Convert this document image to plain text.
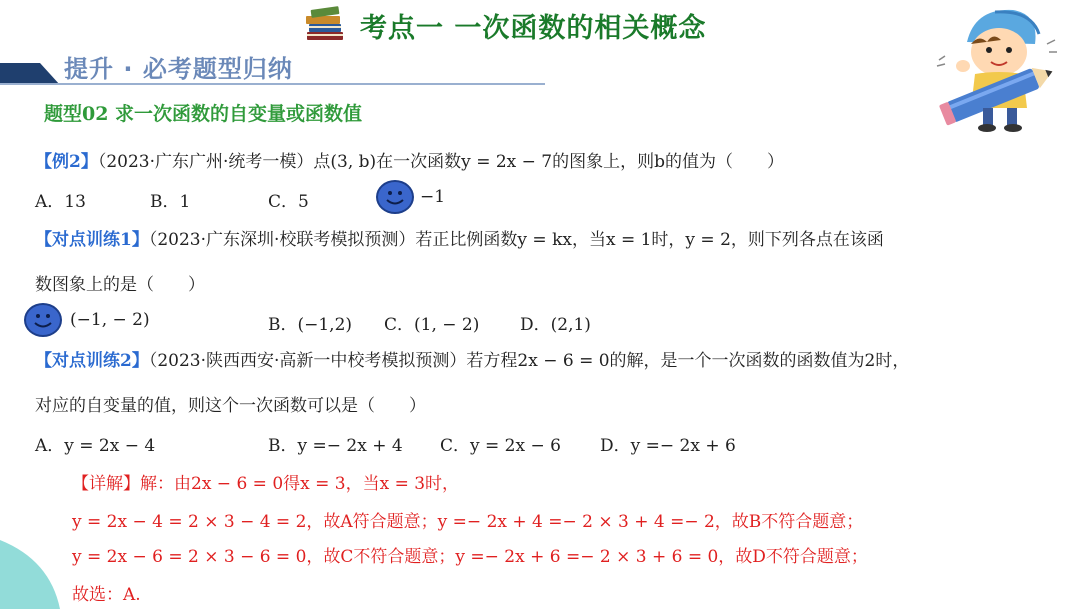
考点一 一次函数的相关概念
提升 · 必考题型归纳
题型02 求一次函数的自变量或函数值
【例2】（2023·广东广州·统考一模）点(3, b)在一次函数y = 2x − 7的图象上，则b的值为（　　）
A．13	B．1	C．5	−1
【对点训练1】（2023·广东深圳·校联考模拟预测）若正比例函数y = kx，当x = 1时，y = 2，则下列各点在该函
数图象上的是（　　）
(−1, − 2)	B．(−1,2) C．(1, − 2) D．(2,1)
【对点训练2】（2023·陕西西安·高新一中校考模拟预测）若方程2x − 6 = 0的解，是一个一次函数的函数值为2时，
对应的自变量的值，则这个一次函数可以是（　　）
A．y = 2x − 4	B．y =− 2x + 4 C．y = 2x − 6 D．y =− 2x + 6
【详解】解：由2x − 6 = 0得x = 3，当x = 3时，
y = 2x − 4 = 2 × 3 − 4 = 2，故A符合题意；y =− 2x + 4 =− 2 × 3 + 4 =− 2，故B不符合题意；
y = 2x − 6 = 2 × 3 − 6 = 0，故C不符合题意；y =− 2x + 6 =− 2 × 3 + 6 = 0，故D不符合题意；
故选：A.
